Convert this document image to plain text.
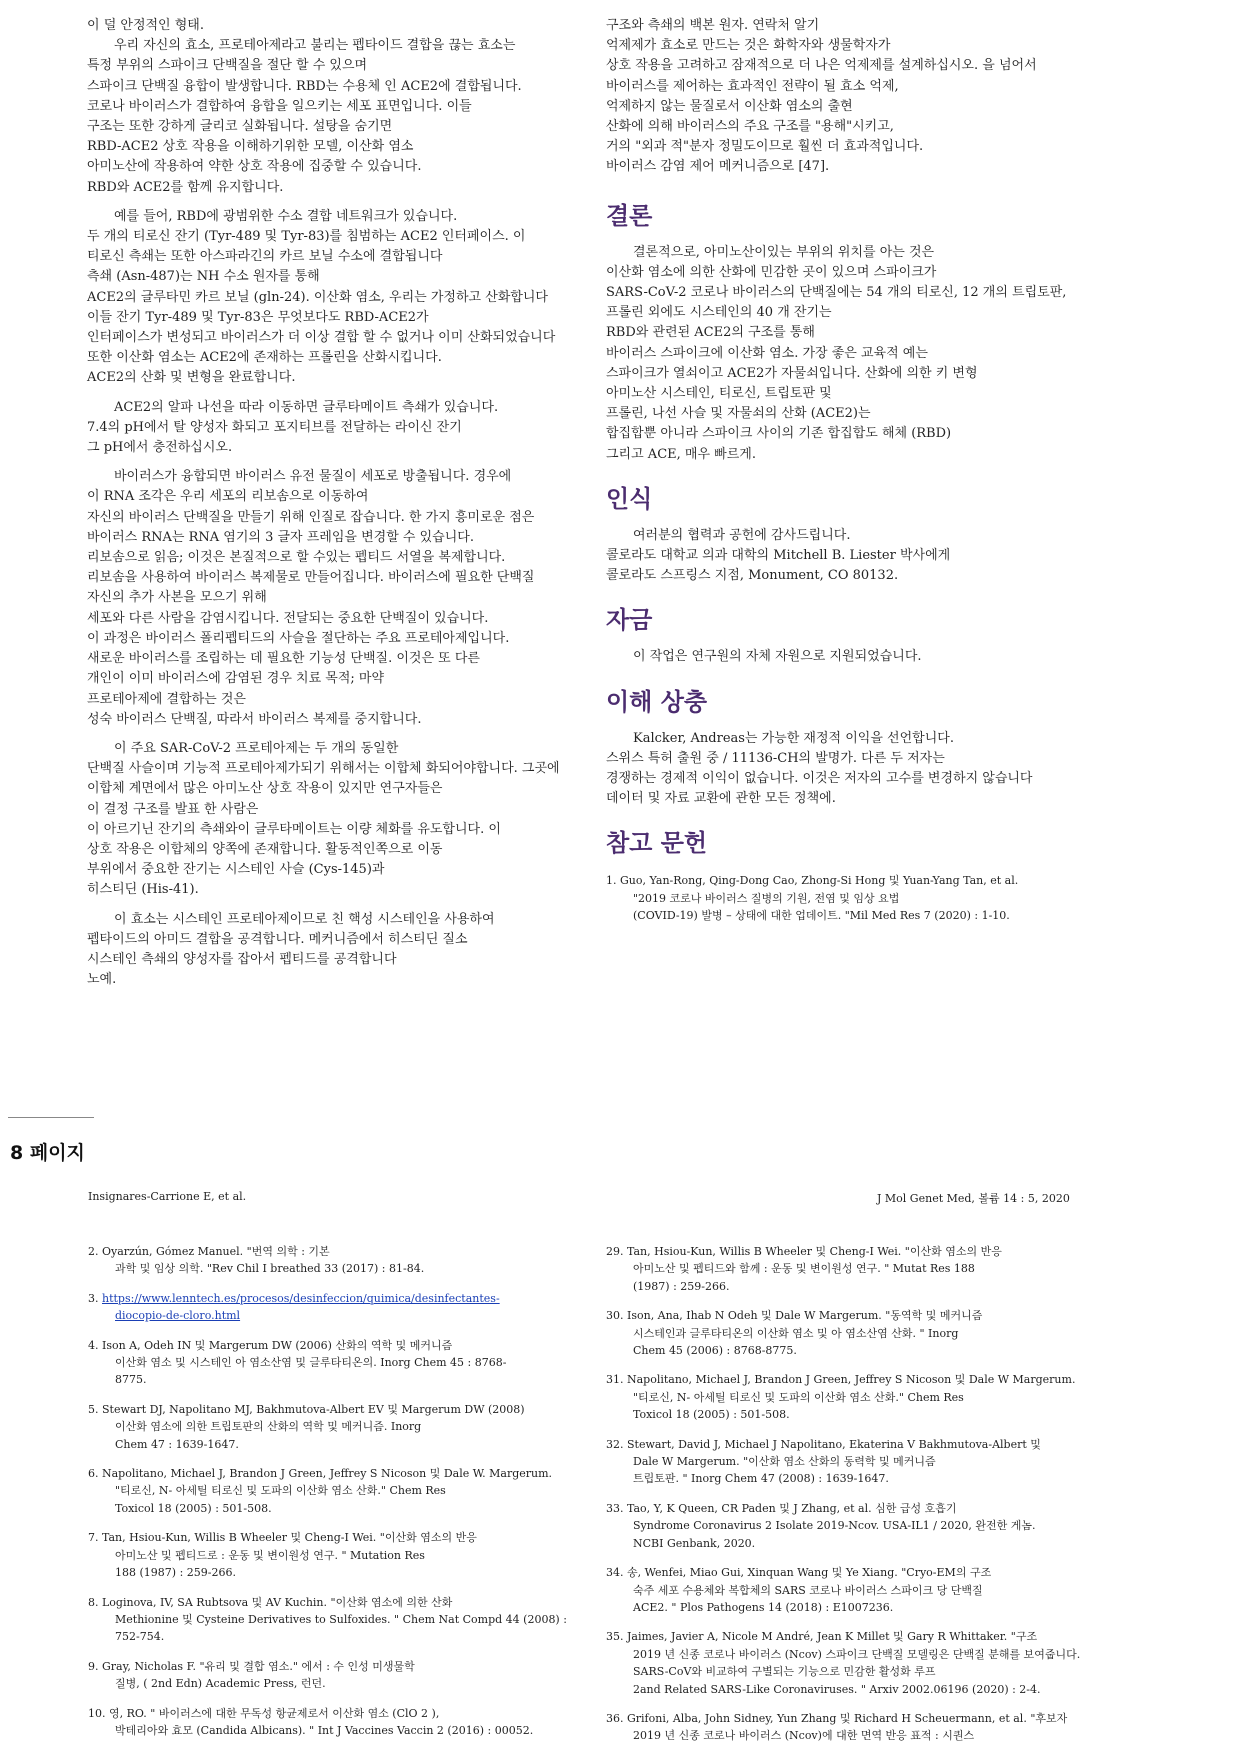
이 덜 안정적인 형태.
우리 자신의 효소, 프로테아제라고 불리는 펩타이드 결합을 끊는 효소는
특정 부위의 스파이크 단백질을 절단 할 수 있으며
스파이크 단백질 융합이 발생합니다. RBD는 수용체 인 ACE2에 결합됩니다.
코로나 바이러스가 결합하여 융합을 일으키는 세포 표면입니다. 이들
구조는 또한 강하게 글리코 실화됩니다. 설탕을 숨기면
RBD-ACE2 상호 작용을 이해하기위한 모델, 이산화 염소
아미노산에 작용하여 약한 상호 작용에 집중할 수 있습니다.
RBD와 ACE2를 함께 유지합니다.
예를 들어, RBD에 광범위한 수소 결합 네트워크가 있습니다.
두 개의 티로신 잔기 (Tyr-489 및 Tyr-83)를 침범하는 ACE2 인터페이스. 이
티로신 측쇄는 또한 아스파라긴의 카르 보닐 수소에 결합됩니다
측쇄 (Asn-487)는 NH 수소 원자를 통해
ACE2의 글루타민 카르 보닐 (gln-24). 이산화 염소, 우리는 가정하고 산화합니다
이들 잔기 Tyr-489 및 Tyr-83은 무엇보다도 RBD-ACE2가
인터페이스가 변성되고 바이러스가 더 이상 결합 할 수 없거나 이미 산화되었습니다
또한 이산화 염소는 ACE2에 존재하는 프롤린을 산화시킵니다.
ACE2의 산화 및 변형을 완료합니다.
ACE2의 알파 나선을 따라 이동하면 글루타메이트 측쇄가 있습니다.
7.4의 pH에서 탈 양성자 화되고 포지티브를 전달하는 라이신 잔기
그 pH에서 충전하십시오.
바이러스가 융합되면 바이러스 유전 물질이 세포로 방출됩니다. 경우에
이 RNA 조각은 우리 세포의 리보솜으로 이동하여
자신의 바이러스 단백질을 만들기 위해 인질로 잡습니다. 한 가지 흥미로운 점은
바이러스 RNA는 RNA 염기의 3 글자 프레임을 변경할 수 있습니다.
리보솜으로 읽음; 이것은 본질적으로 할 수있는 펩티드 서열을 복제합니다.
리보솜을 사용하여 바이러스 복제물로 만들어집니다. 바이러스에 필요한 단백질
자신의 추가 사본을 모으기 위해
세포와 다른 사람을 감염시킵니다. 전달되는 중요한 단백질이 있습니다.
이 과정은 바이러스 폴리펩티드의 사슬을 절단하는 주요 프로테아제입니다.
새로운 바이러스를 조립하는 데 필요한 기능성 단백질. 이것은 또 다른
개인이 이미 바이러스에 감염된 경우 치료 목적; 마약
프로테아제에 결합하는 것은
성숙 바이러스 단백질, 따라서 바이러스 복제를 중지합니다.
이 주요 SAR-CoV-2 프로테아제는 두 개의 동일한
단백질 사슬이며 기능적 프로테아제가되기 위해서는 이합체 화되어야합니다. 그곳에
이합체 계면에서 많은 아미노산 상호 작용이 있지만 연구자들은
이 결정 구조를 발표 한 사람은
이 아르기닌 잔기의 측쇄와이 글루타메이트는 이량 체화를 유도합니다. 이
상호 작용은 이합체의 양쪽에 존재합니다. 활동적인쪽으로 이동
부위에서 중요한 잔기는 시스테인 사슬 (Cys-145)과
히스티딘 (His-41).
이 효소는 시스테인 프로테아제이므로 친 핵성 시스테인을 사용하여
펩타이드의 아미드 결합을 공격합니다. 메커니즘에서 히스티딘 질소
시스테인 측쇄의 양성자를 잡아서 펩티드를 공격합니다
노예.
구조와 측쇄의 백본 원자. 연락처 알기
억제제가 효소로 만드는 것은 화학자와 생물학자가
상호 작용을 고려하고 잠재적으로 더 나은 억제제를 설계하십시오. 을 넘어서
바이러스를 제어하는 효과적인 전략이 될 효소 억제,
억제하지 않는 물질로서 이산화 염소의 출현
산화에 의해 바이러스의 주요 구조를 "용해"시키고,
거의 "외과 적"분자 정밀도이므로 훨씬 더 효과적입니다.
바이러스 감염 제어 메커니즘으로 [47].
결론
결론적으로, 아미노산이있는 부위의 위치를 아는 것은
이산화 염소에 의한 산화에 민감한 곳이 있으며 스파이크가
SARS-CoV-2 코로나 바이러스의 단백질에는 54 개의 티로신, 12 개의 트립토판,
프롤린 외에도 시스테인의 40 개 잔기는
RBD와 관련된 ACE2의 구조를 통해
바이러스 스파이크에 이산화 염소. 가장 좋은 교육적 예는
스파이크가 열쇠이고 ACE2가 자물쇠입니다. 산화에 의한 키 변형
아미노산 시스테인, 티로신, 트립토판 및
프롤린, 나선 사슬 및 자물쇠의 산화 (ACE2)는
합집합뿐 아니라 스파이크 사이의 기존 합집합도 해체 (RBD)
그리고 ACE, 매우 빠르게.
인식
여러분의 협력과 공헌에 감사드립니다.
콜로라도 대학교 의과 대학의 Mitchell B. Liester 박사에게
콜로라도 스프링스 지점, Monument, CO 80132.
자금
이 작업은 연구원의 자체 자원으로 지원되었습니다.
이해 상충
Kalcker, Andreas는 가능한 재정적 이익을 선언합니다.
스위스 특허 출원 중 / 11136-CH의 발명가. 다른 두 저자는
경쟁하는 경제적 이익이 없습니다. 이것은 저자의 고수를 변경하지 않습니다
데이터 및 자료 교환에 관한 모든 정책에.
참고 문헌
1. Guo, Yan-Rong, Qing-Dong Cao, Zhong-Si Hong 및 Yuan-Yang Tan, et al.
"2019 코로나 바이러스 질병의 기원, 전염 및 임상 요법
(COVID-19) 발병 – 상태에 대한 업데이트. "Mil Med Res 7 (2020) : 1-10.
8 페이지
Insignares-Carrione E, et al.	J Mol Genet Med, 볼륨 14 : 5, 2020
2. Oyarzún, Gómez Manuel. "번역 의학 : 기본
과학 및 임상 의학. "Rev Chil I breathed 33 (2017) : 81-84.
3. https://www.lenntech.es/procesos/desinfeccion/quimica/desinfectantes-
diocopio-de-cloro.html
4. Ison A, Odeh IN 및 Margerum DW (2006) 산화의 역학 및 메커니즘
이산화 염소 및 시스테인 아 염소산염 및 글루타티온의. Inorg Chem 45 : 8768-
8775.
5. Stewart DJ, Napolitano MJ, Bakhmutova-Albert EV 및 Margerum DW (2008)
이산화 염소에 의한 트립토판의 산화의 역학 및 메커니즘. Inorg
Chem 47 : 1639-1647.
6. Napolitano, Michael J, Brandon J Green, Jeffrey S Nicoson 및 Dale W. Margerum.
"티로신, N- 아세틸 티로신 및 도파의 이산화 염소 산화." Chem Res
Toxicol 18 (2005) : 501-508.
7. Tan, Hsiou-Kun, Willis B Wheeler 및 Cheng-I Wei. "이산화 염소의 반응
아미노산 및 펩티드로 : 운동 및 변이원성 연구. " Mutation Res
188 (1987) : 259-266.
8. Loginova, IV, SA Rubtsova 및 AV Kuchin. "이산화 염소에 의한 산화
Methionine 및 Cysteine Derivatives to Sulfoxides. " Chem Nat Compd 44 (2008) :
752-754.
9. Gray, Nicholas F. "유리 및 결합 염소." 에서 : 수 인성 미생물학
질병, ( 2nd Edn) Academic Press, 런던.
10. 영, RO. " 바이러스에 대한 무독성 항균제로서 이산화 염소 (ClO 2 ),
박테리아와 효모 (Candida Albicans). " Int J Vaccines Vaccin 2 (2016) : 00052.
29. Tan, Hsiou-Kun, Willis B Wheeler 및 Cheng-I Wei. "이산화 염소의 반응
아미노산 및 펩티드와 함께 : 운동 및 변이원성 연구. " Mutat Res 188
(1987) : 259-266.
30. Ison, Ana, Ihab N Odeh 및 Dale W Margerum. "동역학 및 메커니즘
시스테인과 글루타티온의 이산화 염소 및 아 염소산염 산화. " Inorg
Chem 45 (2006) : 8768-8775.
31. Napolitano, Michael J, Brandon J Green, Jeffrey S Nicoson 및 Dale W Margerum.
"티로신, N- 아세틸 티로신 및 도파의 이산화 염소 산화." Chem Res
Toxicol 18 (2005) : 501-508.
32. Stewart, David J, Michael J Napolitano, Ekaterina V Bakhmutova-Albert 및
Dale W Margerum. "이산화 염소 산화의 동력학 및 메커니즘
트립토판. " Inorg Chem 47 (2008) : 1639-1647.
33. Tao, Y, K Queen, CR Paden 및 J Zhang, et al. 심한 급성 호흡기
Syndrome Coronavirus 2 Isolate 2019-Ncov. USA-IL1 / 2020, 완전한 게놈.
NCBI Genbank, 2020.
34. 송, Wenfei, Miao Gui, Xinquan Wang 및 Ye Xiang. "Cryo-EM의 구조
숙주 세포 수용체와 복합체의 SARS 코로나 바이러스 스파이크 당 단백질
ACE2. " Plos Pathogens 14 (2018) : E1007236.
35. Jaimes, Javier A, Nicole M André, Jean K Millet 및 Gary R Whittaker. "구조
2019 년 신종 코로나 바이러스 (Ncov) 스파이크 단백질 모델링은 단백질 분해를 보여줍니다.
SARS-CoV와 비교하여 구별되는 기능으로 민감한 활성화 루프
2and Related SARS-Like Coronaviruses. " Arxiv 2002.06196 (2020) : 2-4.
36. Grifoni, Alba, John Sidney, Yun Zhang 및 Richard H Scheuermann, et al. "후보자
2019 년 신종 코로나 바이러스 (Ncov)에 대한 면역 반응 표적 : 시퀀스
